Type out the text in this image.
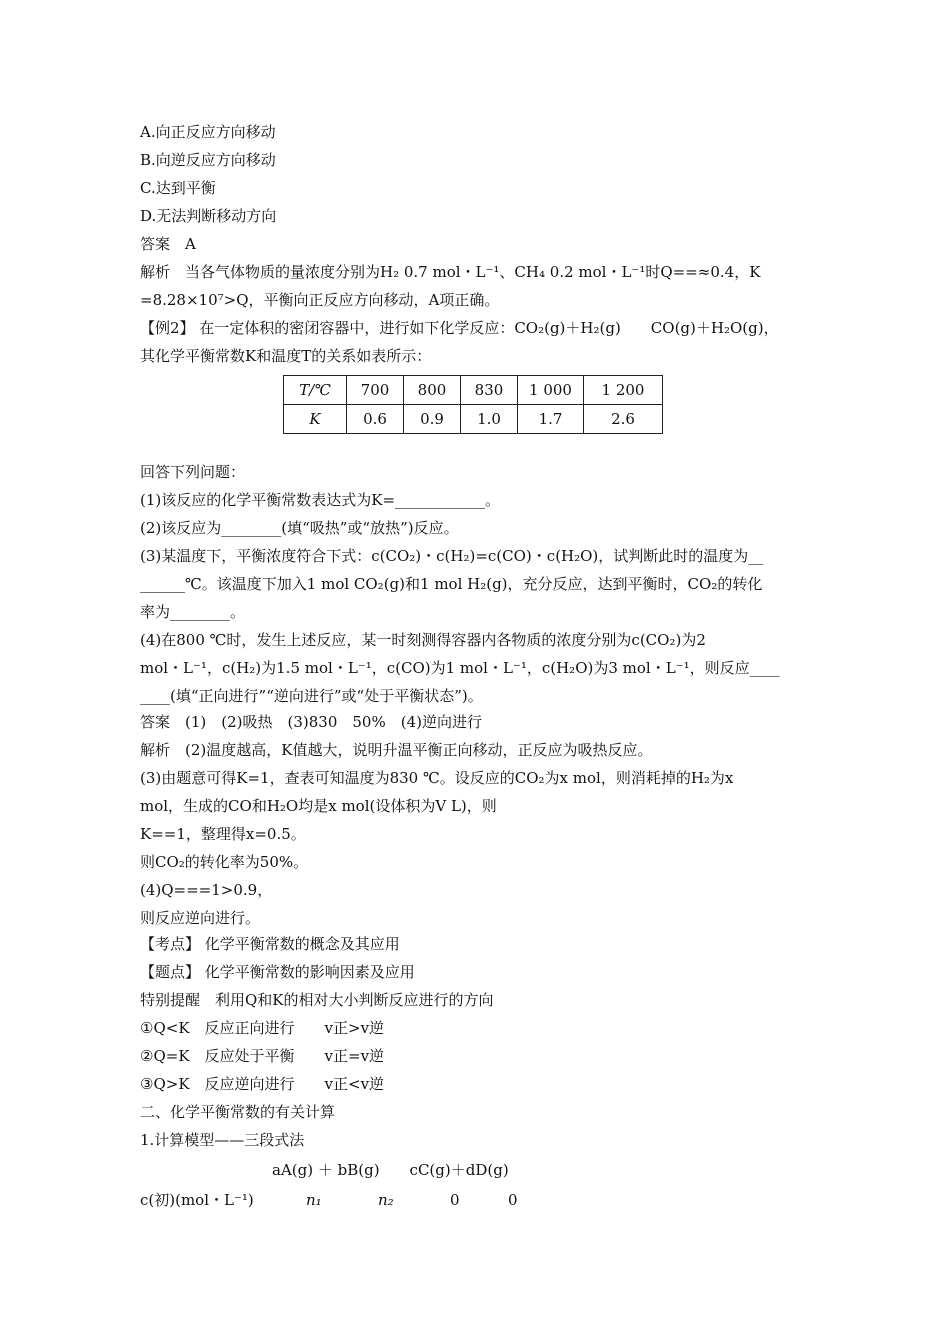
A.向正反应方向移动
B.向逆反应方向移动
C.达到平衡
D.无法判断移动方向
答案　A
解析　当各气体物质的量浓度分别为H₂ 0.7 mol・L⁻¹、CH₄ 0.2 mol・L⁻¹时Q==≈0.4，K
=8.28×10⁷>Q，平衡向正反应方向移动，A项正确。
【例2】 在一定体积的密闭容器中，进行如下化学反应：CO₂(g)＋H₂(g)　　CO(g)＋H₂O(g)，
其化学平衡常数K和温度T的关系如表所示：
T/℃	700	800	830	1 000	1 200
K	0.6	0.9	1.0	1.7	2.6
回答下列问题：
(1)该反应的化学平衡常数表达式为K=____________。
(2)该反应为________(填“吸热”或“放热”)反应。
(3)某温度下，平衡浓度符合下式：c(CO₂)・c(H₂)=c(CO)・c(H₂O)，试判断此时的温度为__
______℃。该温度下加入1 mol CO₂(g)和1 mol H₂(g)，充分反应，达到平衡时，CO₂的转化
率为________。
(4)在800 ℃时，发生上述反应，某一时刻测得容器内各物质的浓度分别为c(CO₂)为2
mol・L⁻¹，c(H₂)为1.5 mol・L⁻¹，c(CO)为1 mol・L⁻¹，c(H₂O)为3 mol・L⁻¹，则反应____
____(填“正向进行”“逆向进行”或“处于平衡状态”)。
答案　(1)　(2)吸热　(3)830　50%　(4)逆向进行
解析　(2)温度越高，K值越大，说明升温平衡正向移动，正反应为吸热反应。
(3)由题意可得K=1，查表可知温度为830 ℃。设反应的CO₂为x mol，则消耗掉的H₂为x
mol，生成的CO和H₂O均是x mol(设体积为V L)，则
K==1，整理得x=0.5。
则CO₂的转化率为50%。
(4)Q===1>0.9，
则反应逆向进行。
【考点】 化学平衡常数的概念及其应用
【题点】 化学平衡常数的影响因素及应用
特别提醒　利用Q和K的相对大小判断反应进行的方向
①Q<K　反应正向进行　　v正>v逆
②Q=K　反应处于平衡　　v正=v逆
③Q>K　反应逆向进行　　v正<v逆
二、化学平衡常数的有关计算
1.计算模型——三段式法
aA(g) ＋ bB(g)　　cC(g)＋dD(g)
c(初)(mol・L⁻¹)	n₁	n₂	0	0
